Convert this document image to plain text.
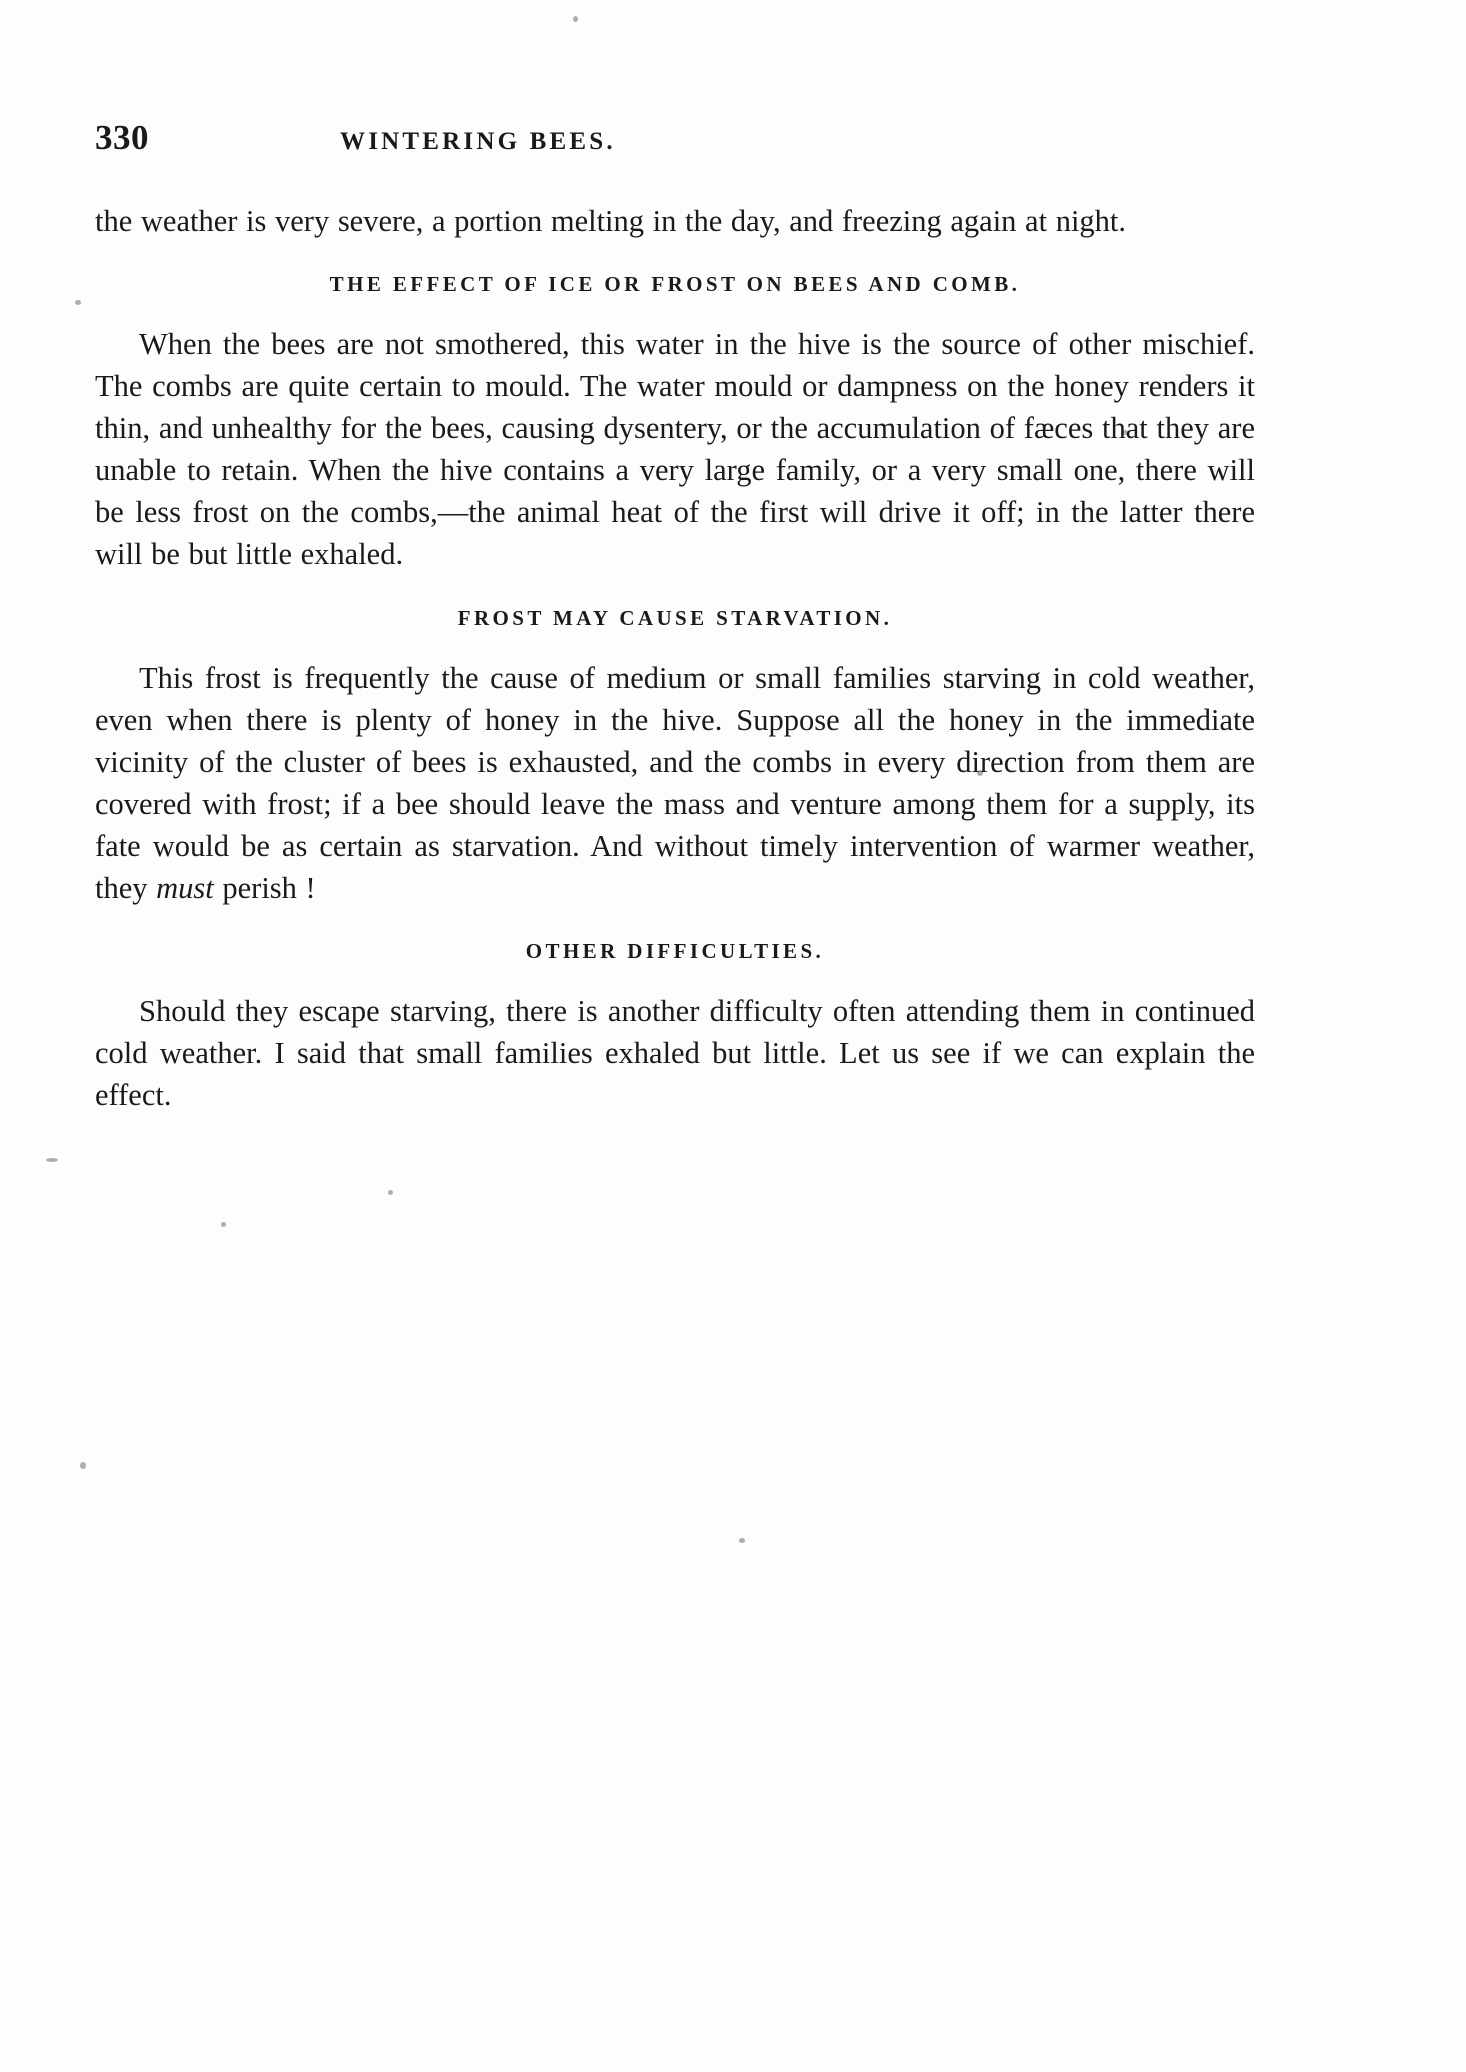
330	WINTERING BEES.

the weather is very severe, a portion melting in the day, and freezing again at night.

THE EFFECT OF ICE OR FROST ON BEES AND COMB.

When the bees are not smothered, this water in the hive is the source of other mischief. The combs are quite certain to mould. The water mould or dampness on the honey renders it thin, and unhealthy for the bees, causing dysentery, or the accumulation of fæces that they are unable to retain. When the hive contains a very large family, or a very small one, there will be less frost on the combs,—the animal heat of the first will drive it off; in the latter there will be but little exhaled.

FROST MAY CAUSE STARVATION.

This frost is frequently the cause of medium or small families starving in cold weather, even when there is plenty of honey in the hive. Suppose all the honey in the immediate vicinity of the cluster of bees is exhausted, and the combs in every direction from them are covered with frost; if a bee should leave the mass and venture among them for a supply, its fate would be as certain as starvation. And without timely intervention of warmer weather, they must perish !

OTHER DIFFICULTIES.

Should they escape starving, there is another difficulty often attending them in continued cold weather. I said that small families exhaled but little. Let us see if we can explain the effect.
